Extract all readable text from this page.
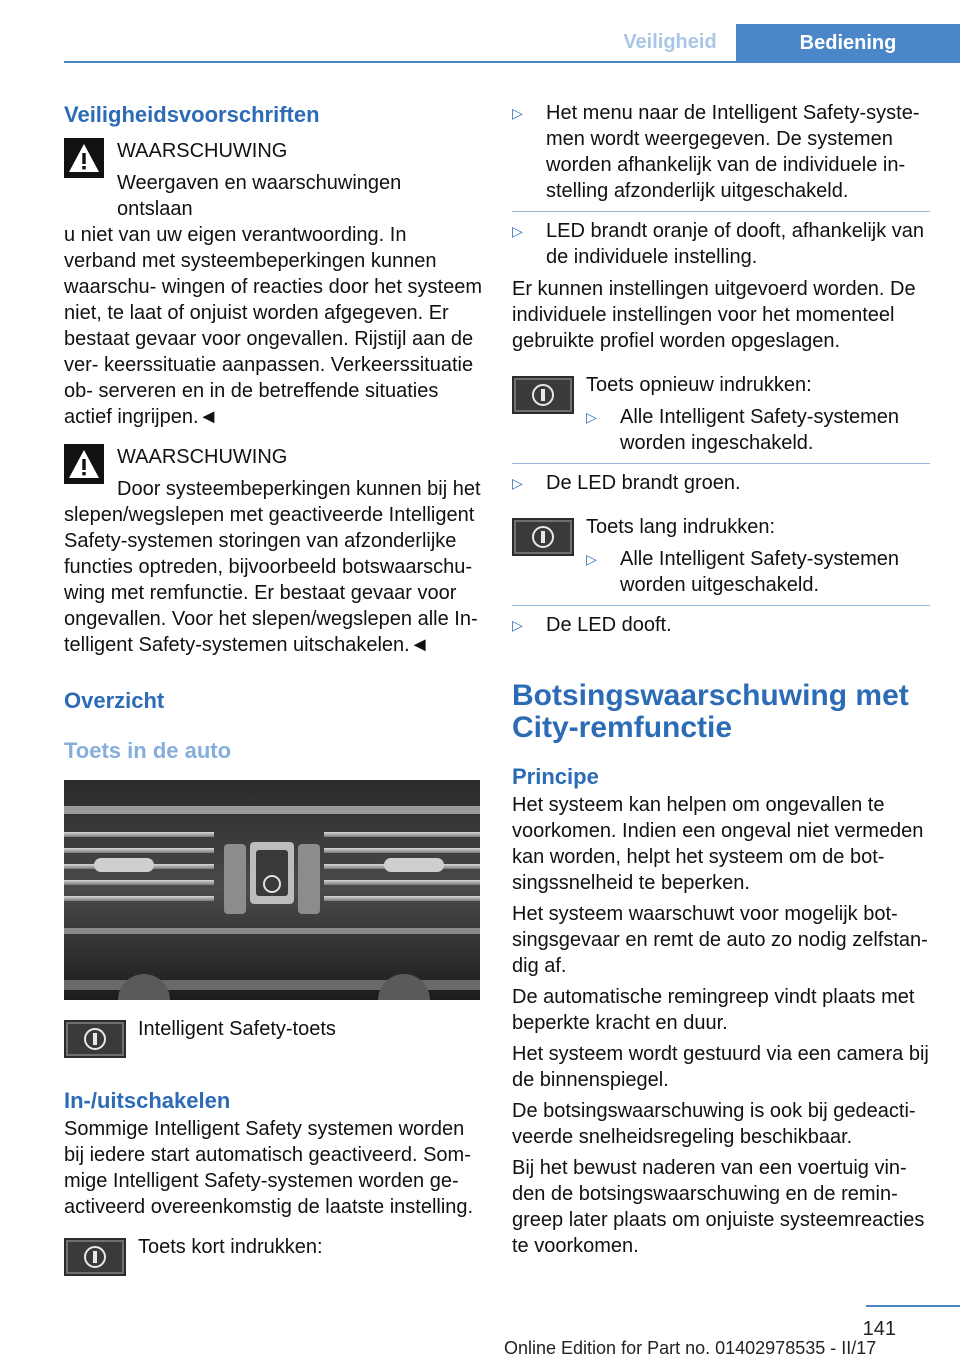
Veiligheid	Bediening

Veiligheidsvoorschriften

WAARSCHUWING
Weergaven en waarschuwingen ontslaan

u niet van uw eigen verantwoording. In verband met systeembeperkingen kunnen waarschu- wingen of reacties door het systeem niet, te laat of onjuist worden afgegeven. Er bestaat gevaar voor ongevallen. Rijstijl aan de ver- keerssituatie aanpassen. Verkeerssituatie ob- serveren en in de betreffende situaties actief ingrijpen.◄

WAARSCHUWING
Door systeembeperkingen kunnen bij het

slepen/wegslepen met geactiveerde Intelligent Safety-systemen storingen van afzonderlijke functies optreden, bijvoorbeeld botswaarschu- wing met remfunctie. Er bestaat gevaar voor ongevallen. Voor het slepen/wegslepen alle In- telligent Safety-systemen uitschakelen.◄

Overzicht

Toets in de auto

Intelligent Safety-toets

In-/uitschakelen

Sommige Intelligent Safety systemen worden bij iedere start automatisch geactiveerd. Som- mige Intelligent Safety-systemen worden ge- activeerd overeenkomstig de laatste instelling.

Toets kort indrukken:
▷	Het menu naar de Intelligent Safety-syste- men wordt weergegeven. De systemen worden afhankelijk van de individuele in- stelling afzonderlijk uitgeschakeld.
▷	LED brandt oranje of dooft, afhankelijk van de individuele instelling.

Er kunnen instellingen uitgevoerd worden. De individuele instellingen voor het momenteel gebruikte profiel worden opgeslagen.

Toets opnieuw indrukken:
▷	Alle Intelligent Safety-systemen worden ingeschakeld.
▷	De LED brandt groen.
Toets lang indrukken:
▷	Alle Intelligent Safety-systemen worden uitgeschakeld.
▷	De LED dooft.

Botsingswaarschuwing met City-remfunctie

Principe

Het systeem kan helpen om ongevallen te voorkomen. Indien een ongeval niet vermeden kan worden, helpt het systeem om de bot- singssnelheid te beperken.

Het systeem waarschuwt voor mogelijk bot- singsgevaar en remt de auto zo nodig zelfstan- dig af.

De automatische remingreep vindt plaats met beperkte kracht en duur.

Het systeem wordt gestuurd via een camera bij de binnenspiegel.

De botsingswaarschuwing is ook bij gedeacti- veerde snelheidsregeling beschikbaar.

Bij het bewust naderen van een voertuig vin- den de botsingswaarschuwing en de remin- greep later plaats om onjuiste systeemreacties te voorkomen.

141
Online Edition for Part no. 01402978535 - II/17
